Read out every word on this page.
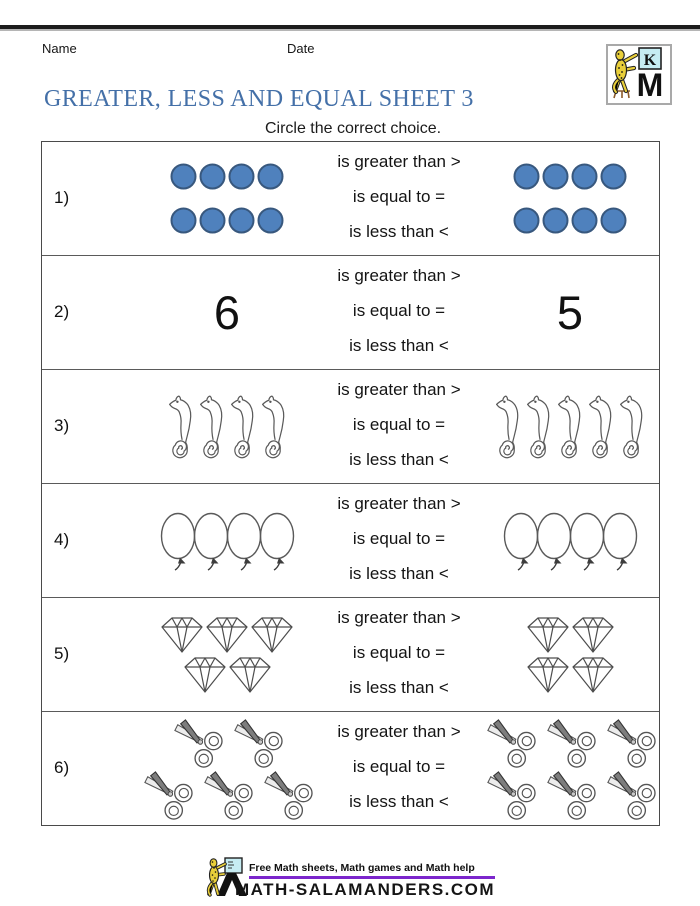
Name	Date
K
M
GREATER, LESS AND EQUAL SHEET 3
Circle the correct choice.
1)
is greater than >
is equal to =
is less than <
2)	6	5
is greater than >
is equal to =
is less than <
3)
is greater than >
is equal to =
is less than <
4)
is greater than >
is equal to =
is less than <
5)
is greater than >
is equal to =
is less than <
6)
is greater than >
is equal to =
is less than <
Free Math sheets, Math games and Math help
MATH-SALAMANDERS.COM
